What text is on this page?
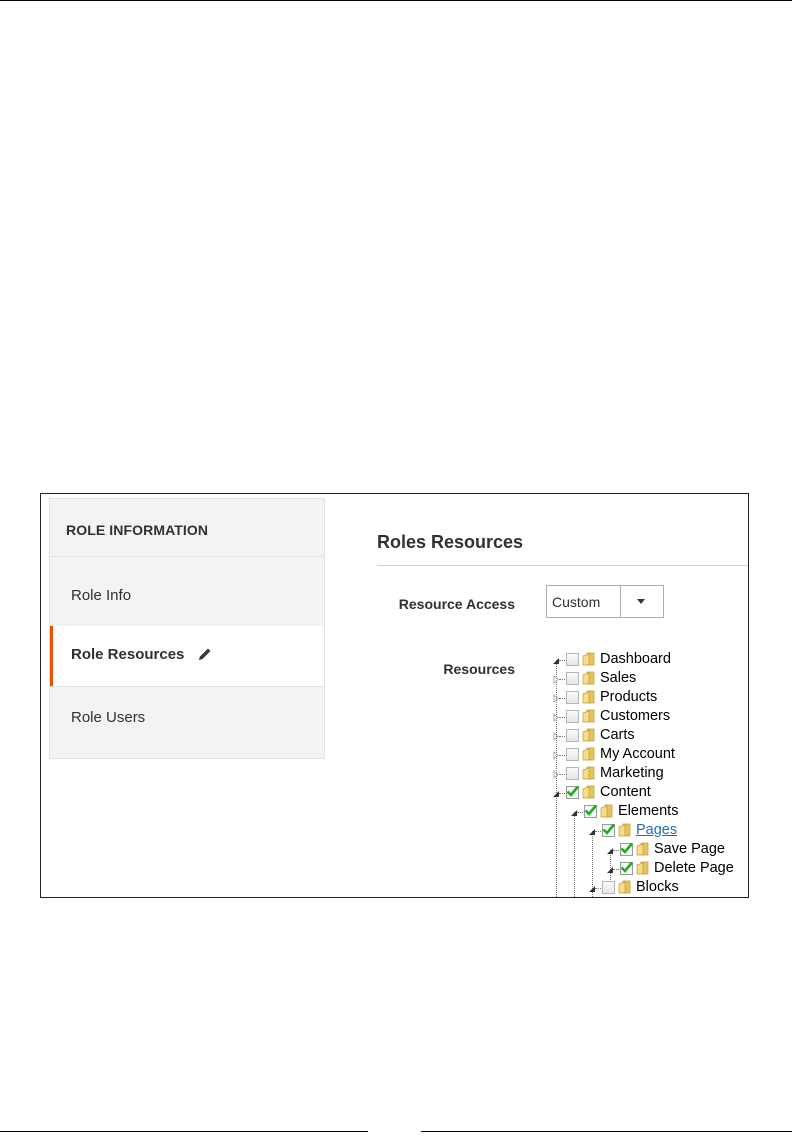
ROLE INFORMATION
Role Info
Role Resources
Role Users
Roles Resources
Resource Access	Custom
Resources
Dashboard
Sales
Products
Customers
Carts
My Account
Marketing
Content
Elements
Pages
Save Page
Delete Page
Blocks
